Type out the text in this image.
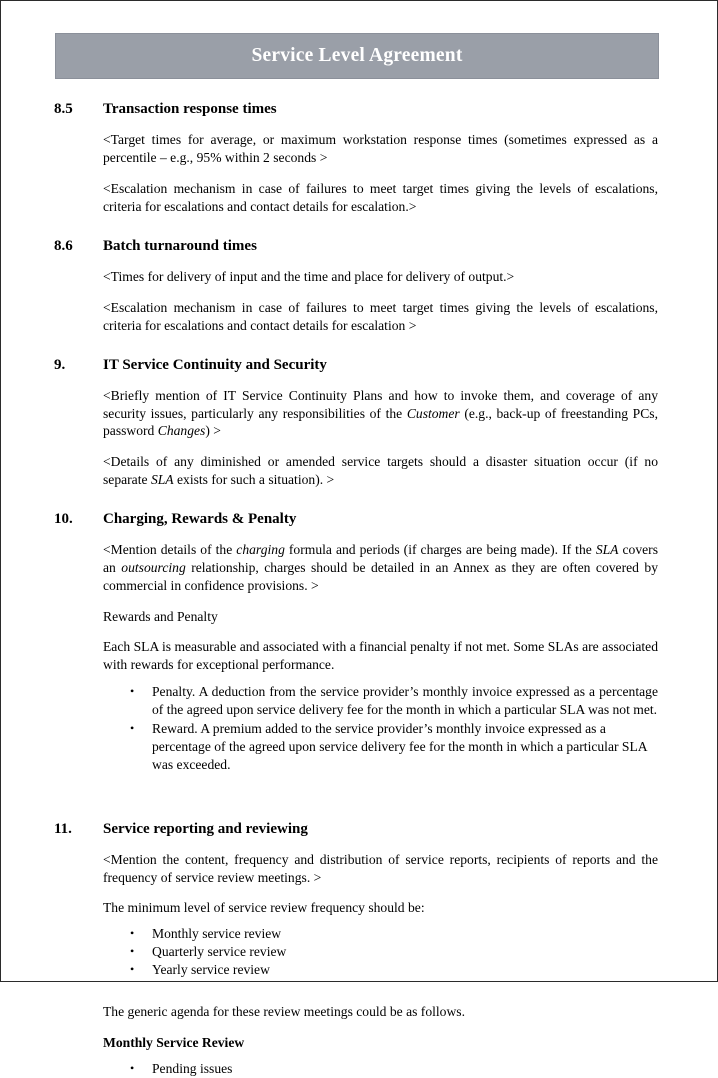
Service Level Agreement
8.5	Transaction response times

<Target times for average, or maximum workstation response times (sometimes expressed as a percentile – e.g., 95% within 2 seconds >

<Escalation mechanism in case of failures to meet target times giving the levels of escalations, criteria for escalations and contact details for escalation.>

8.6	Batch turnaround times

<Times for delivery of input and the time and place for delivery of output.>

<Escalation mechanism in case of failures to meet target times giving the levels of escalations, criteria for escalations and contact details for escalation >

9.	IT Service Continuity and Security

<Briefly mention of IT Service Continuity Plans and how to invoke them, and coverage of any security issues, particularly any responsibilities of the Customer (e.g., back-up of freestanding PCs, password Changes) >

<Details of any diminished or amended service targets should a disaster situation occur (if no separate SLA exists for such a situation). >

10.	Charging, Rewards & Penalty

<Mention details of the charging formula and periods (if charges are being made). If the SLA covers an outsourcing relationship, charges should be detailed in an Annex as they are often covered by commercial in confidence provisions. >

Rewards and Penalty

Each SLA is measurable and associated with a financial penalty if not met. Some SLAs are associated with rewards for exceptional performance.

• Penalty. A deduction from the service provider’s monthly invoice expressed as a percentage of the agreed upon service delivery fee for the month in which a particular SLA was not met.
• Reward. A premium added to the service provider’s monthly invoice expressed as a percentage of the agreed upon service delivery fee for the month in which a particular SLA was exceeded.
11.	Service reporting and reviewing

<Mention the content, frequency and distribution of service reports, recipients of reports and the frequency of service review meetings. >

The minimum level of service review frequency should be:

• Monthly service review
• Quarterly service review
• Yearly service review

The generic agenda for these review meetings could be as follows.

Monthly Service Review

• Pending issues
